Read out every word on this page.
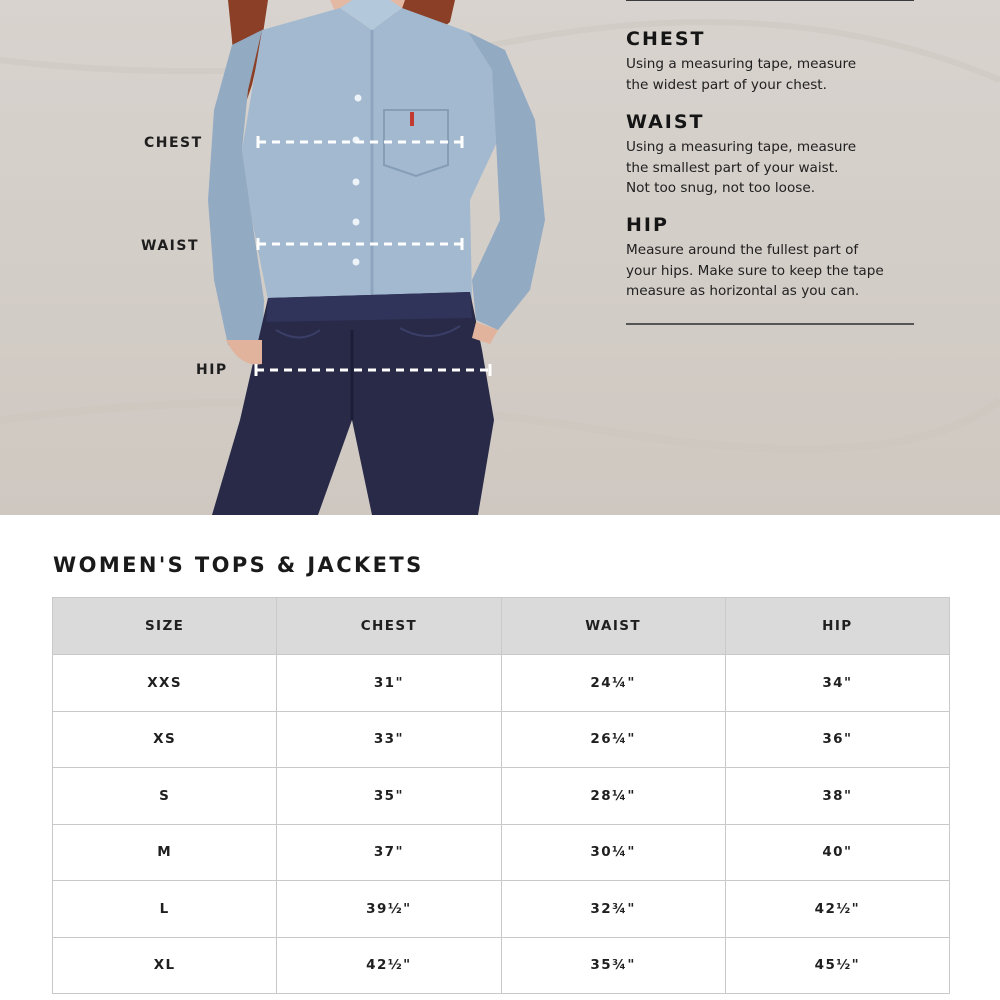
CHEST
WAIST
HIP
CHEST

Using a measuring tape, measure
the widest part of your chest.

WAIST

Using a measuring tape, measure
the smallest part of your waist.
Not too snug, not too loose.

HIP

Measure around the fullest part of
your hips. Make sure to keep the tape
measure as horizontal as you can.

WOMEN'S TOPS & JACKETS
SIZE	CHEST	WAIST	HIP
XXS	31"	24¼"	34"
XS	33"	26¼"	36"
S	35"	28¼"	38"
M	37"	30¼"	40"
L	39½"	32¾"	42½"
XL	42½"	35¾"	45½"
